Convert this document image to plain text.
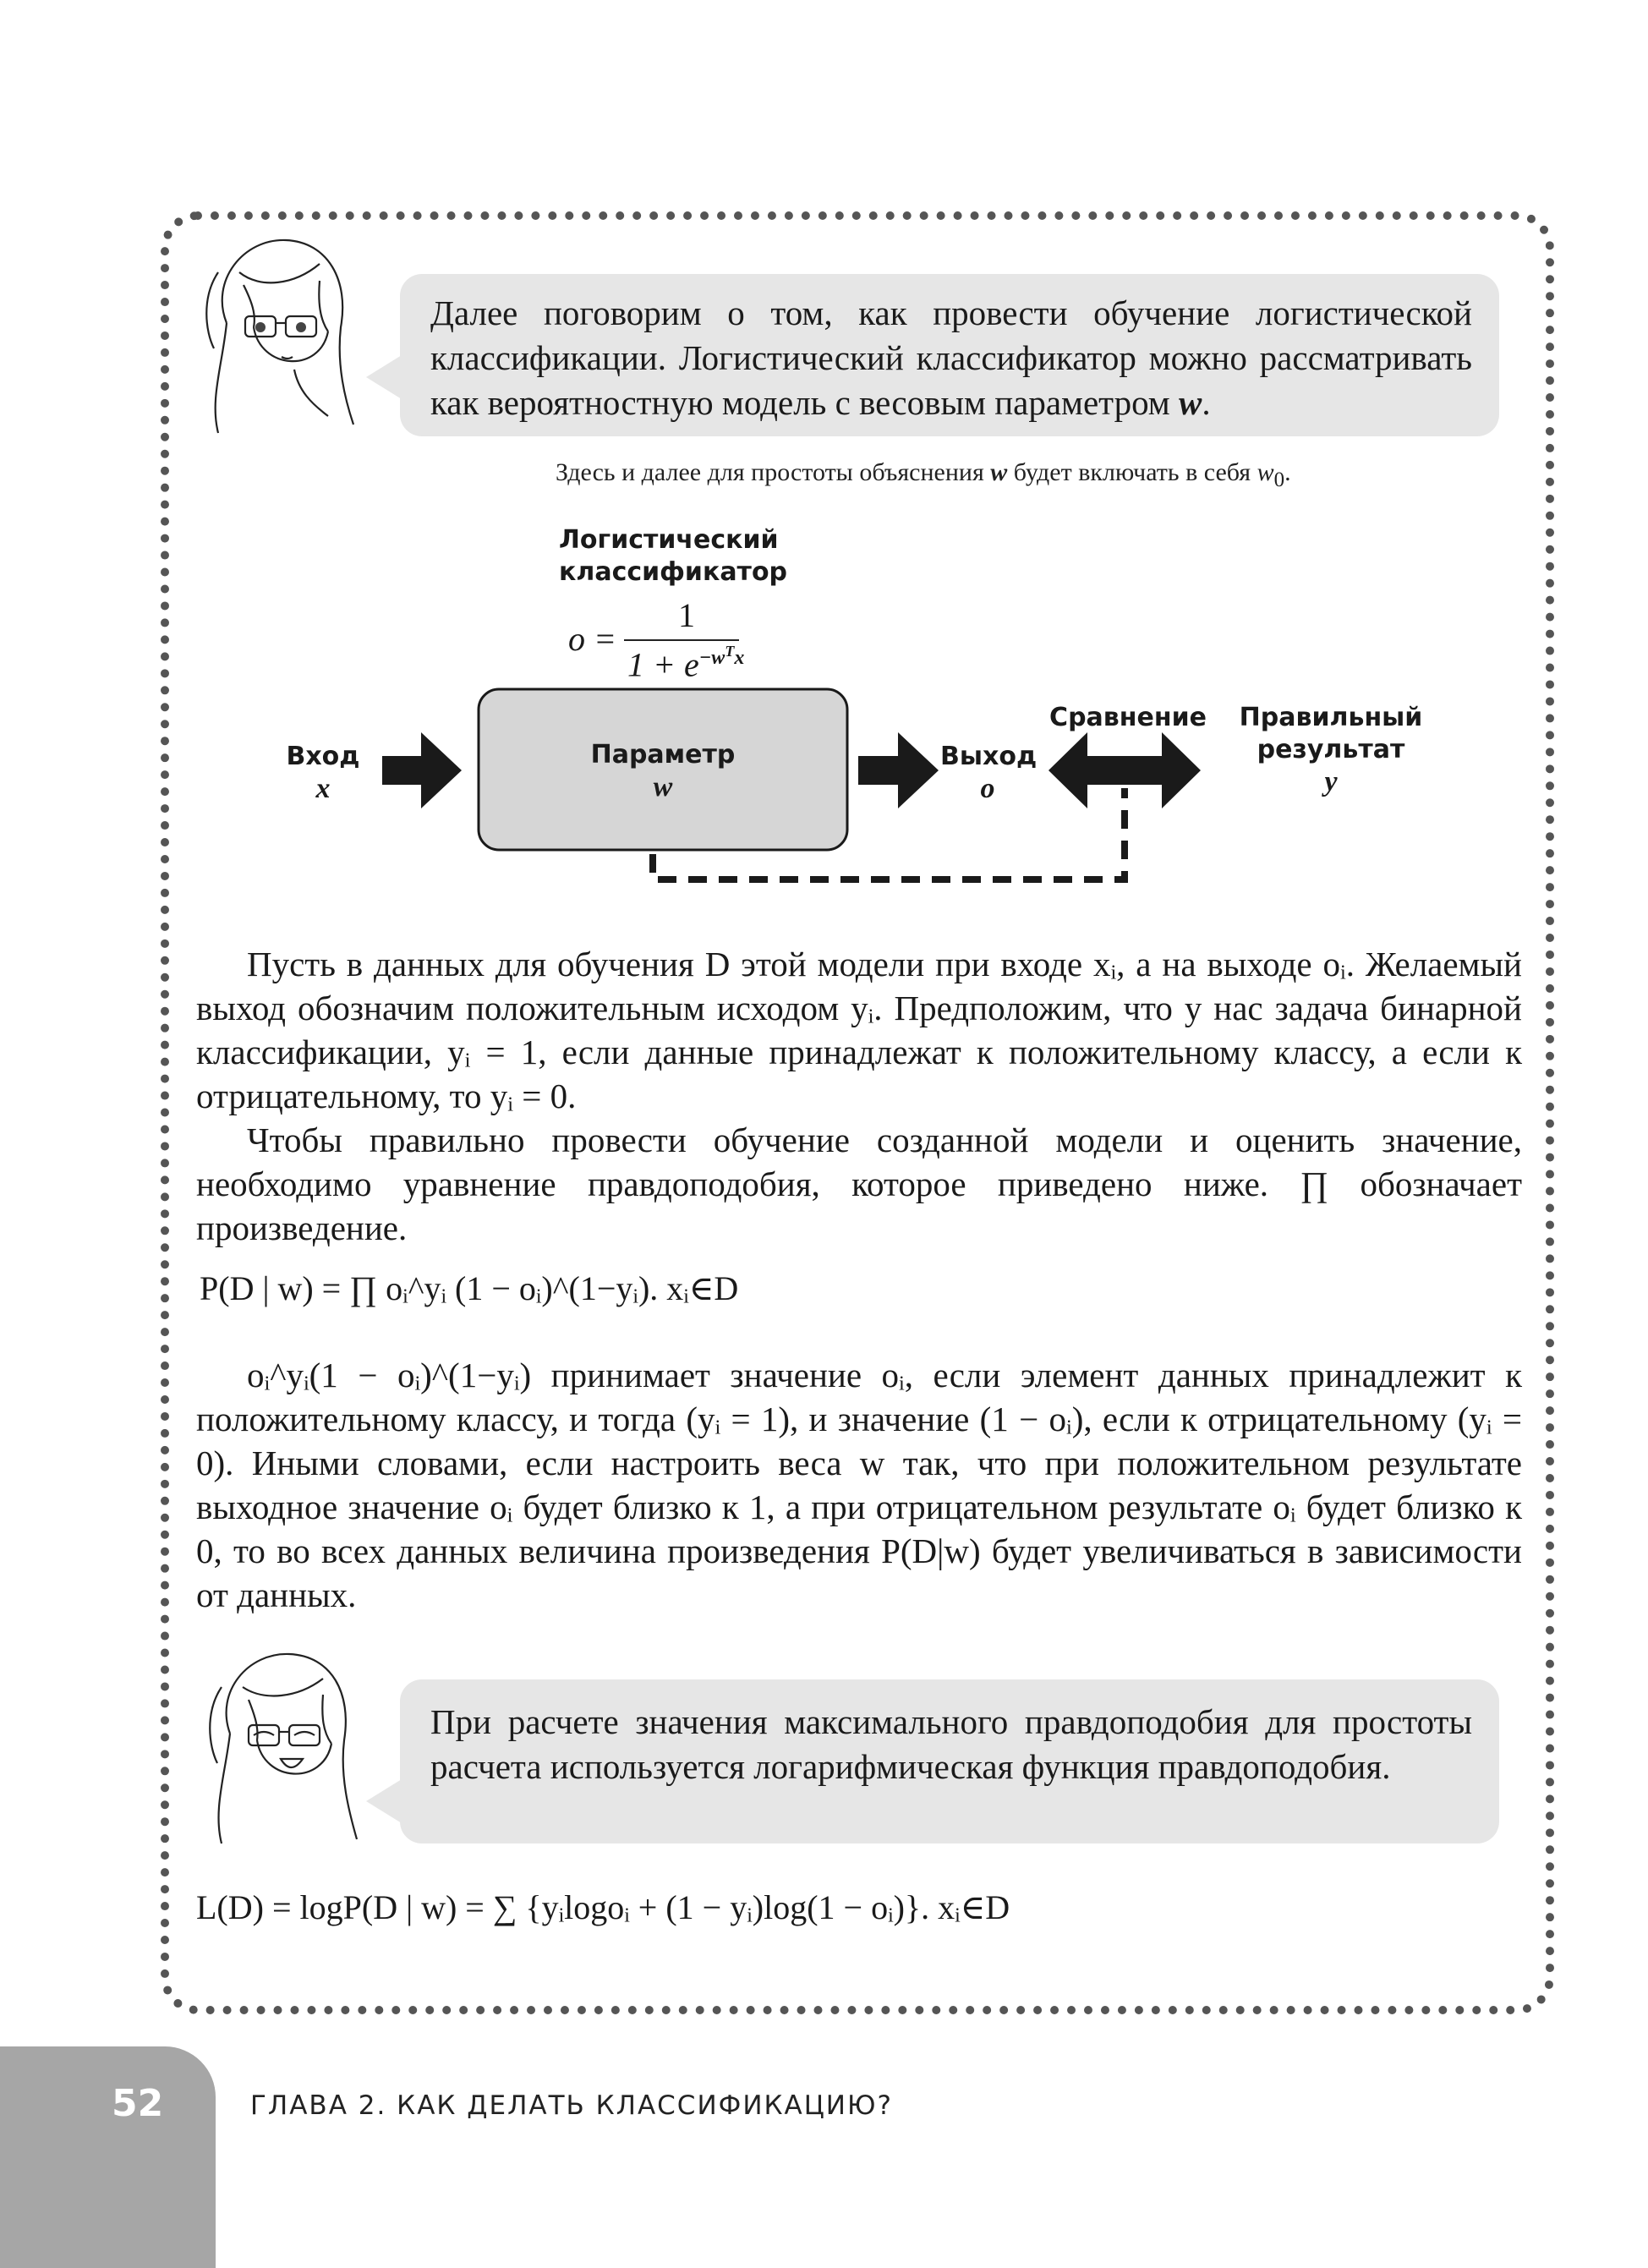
Далее поговорим о том, как провести обучение логистической классификации. Логистический классификатор можно рассматривать как вероятностную модель с весовым параметром w.
Здесь и далее для простоты объяснения w будет включать в себя $w_0$.
Логистический
классификатор
o =
1
$1 + e^{-w^Tx}$
Вход
x
Параметр
w
Выход
o
Сравнение Правильный
результат
y

Пусть в данных для обучения D этой модели при входе xᵢ, а на выходе oᵢ. Желаемый выход обозначим положительным исходом yᵢ. Предположим, что у нас задача бинарной классификации, yᵢ = 1, если данные принадлежат к положительному классу, а если к отрицательному, то yᵢ = 0.

Чтобы правильно провести обучение созданной модели и оценить значение, необходимо уравнение правдоподобия, которое приведено ниже. ∏ обозначает произведение.

P(D | w) = ∏ oᵢ^yᵢ (1 − oᵢ)^(1−yᵢ). xᵢ∈D

oᵢ^yᵢ(1 − oᵢ)^(1−yᵢ) принимает значение oᵢ, если элемент данных принадлежит к положительному классу, и тогда (yᵢ = 1), и значение (1 − oᵢ), если к отрицательному (yᵢ = 0). Иными словами, если настроить веса w так, что при положительном результате выходное значение oᵢ будет близко к 1, а при отрицательном результате oᵢ будет близко к 0, то во всех данных величина произведения P(D|w) будет увеличиваться в зависимости от данных.

При расчете значения максимального правдоподобия для простоты расчета используется логарифмическая функция правдоподобия.
L(D) = logP(D | w) = ∑ {yᵢlogoᵢ + (1 − yᵢ)log(1 − oᵢ)}. xᵢ∈D
52	ГЛАВА 2. КАК ДЕЛАТЬ КЛАССИФИКАЦИЮ?
